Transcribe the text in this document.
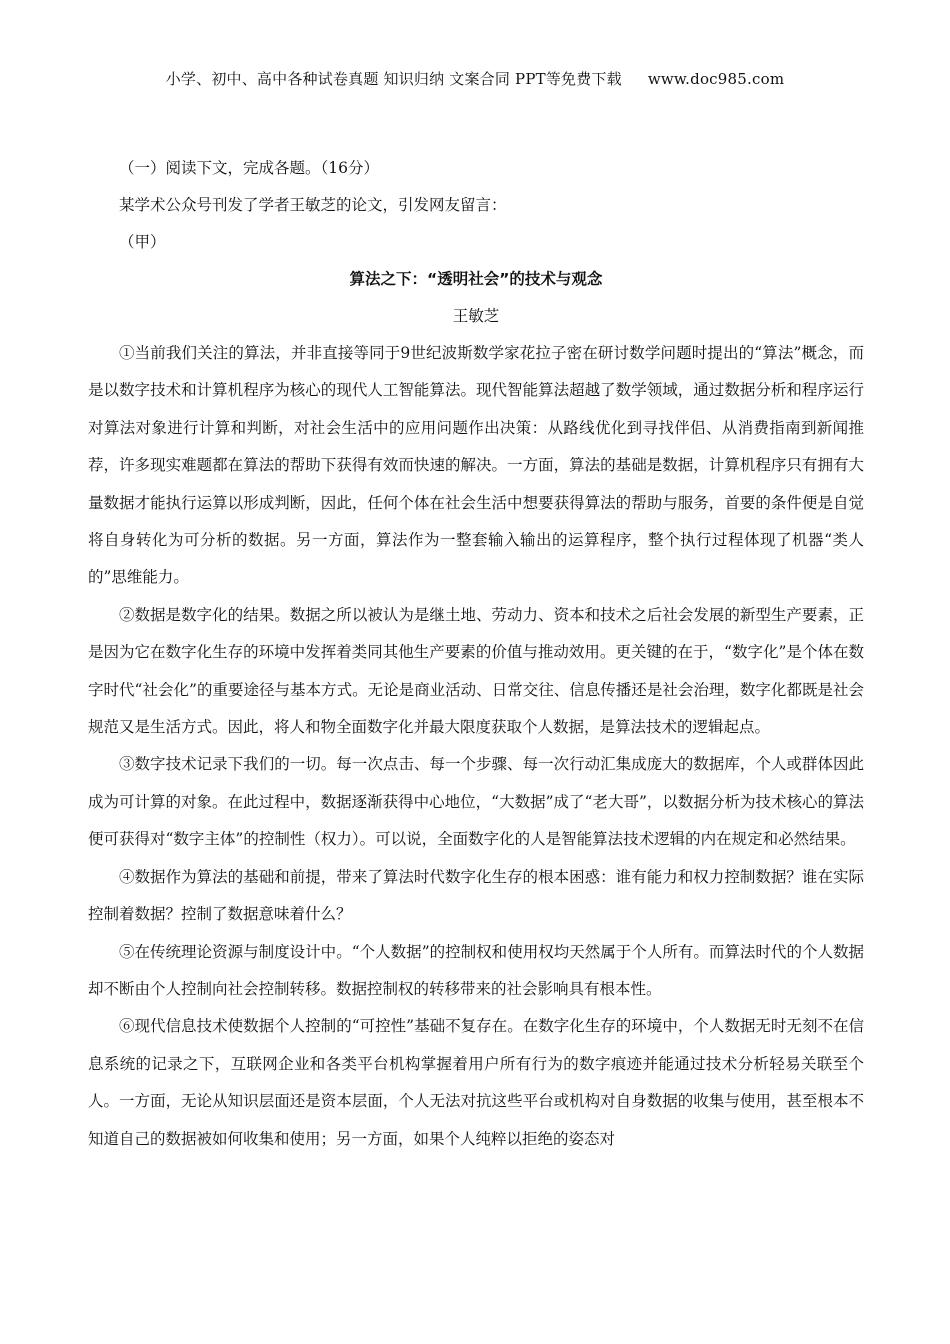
小学、初中、高中各种试卷真题 知识归纳 文案合同 PPT等免费下载 www.doc985.com
（一）阅读下文，完成各题。（16分）
某学术公众号刊发了学者王敏芝的论文，引发网友留言：
（甲）
算法之下：“透明社会”的技术与观念
王敏芝

①当前我们关注的算法，并非直接等同于9世纪波斯数学家花拉子密在研讨数学问题时提出的“算法”概念，而是以数字技术和计算机程序为核心的现代人工智能算法。现代智能算法超越了数学领域，通过数据分析和程序运行对算法对象进行计算和判断，对社会生活中的应用问题作出决策：从路线优化到寻找伴侣、从消费指南到新闻推荐，许多现实难题都在算法的帮助下获得有效而快速的解决。一方面，算法的基础是数据，计算机程序只有拥有大量数据才能执行运算以形成判断，因此，任何个体在社会生活中想要获得算法的帮助与服务，首要的条件便是自觉将自身转化为可分析的数据。另一方面，算法作为一整套输入输出的运算程序，整个执行过程体现了机器“类人的”思维能力。

②数据是数字化的结果。数据之所以被认为是继土地、劳动力、资本和技术之后社会发展的新型生产要素，正是因为它在数字化生存的环境中发挥着类同其他生产要素的价值与推动效用。更关键的在于，“数字化”是个体在数字时代“社会化”的重要途径与基本方式。无论是商业活动、日常交往、信息传播还是社会治理，数字化都既是社会规范又是生活方式。因此，将人和物全面数字化并最大限度获取个人数据，是算法技术的逻辑起点。

③数字技术记录下我们的一切。每一次点击、每一个步骤、每一次行动汇集成庞大的数据库，个人或群体因此成为可计算的对象。在此过程中，数据逐渐获得中心地位，“大数据”成了“老大哥”，以数据分析为技术核心的算法便可获得对“数字主体”的控制性（权力）。可以说，全面数字化的人是智能算法技术逻辑的内在规定和必然结果。

④数据作为算法的基础和前提，带来了算法时代数字化生存的根本困惑：谁有能力和权力控制数据？谁在实际控制着数据？控制了数据意味着什么？

⑤在传统理论资源与制度设计中。“个人数据”的控制权和使用权均天然属于个人所有。而算法时代的个人数据却不断由个人控制向社会控制转移。数据控制权的转移带来的社会影响具有根本性。

⑥现代信息技术使数据个人控制的“可控性”基础不复存在。在数字化生存的环境中，个人数据无时无刻不在信息系统的记录之下，互联网企业和各类平台机构掌握着用户所有行为的数字痕迹并能通过技术分析轻易关联至个人。一方面，无论从知识层面还是资本层面，个人无法对抗这些平台或机构对自身数据的收集与使用，甚至根本不知道自己的数据被如何收集和使用；另一方面，如果个人纯粹以拒绝的姿态对
